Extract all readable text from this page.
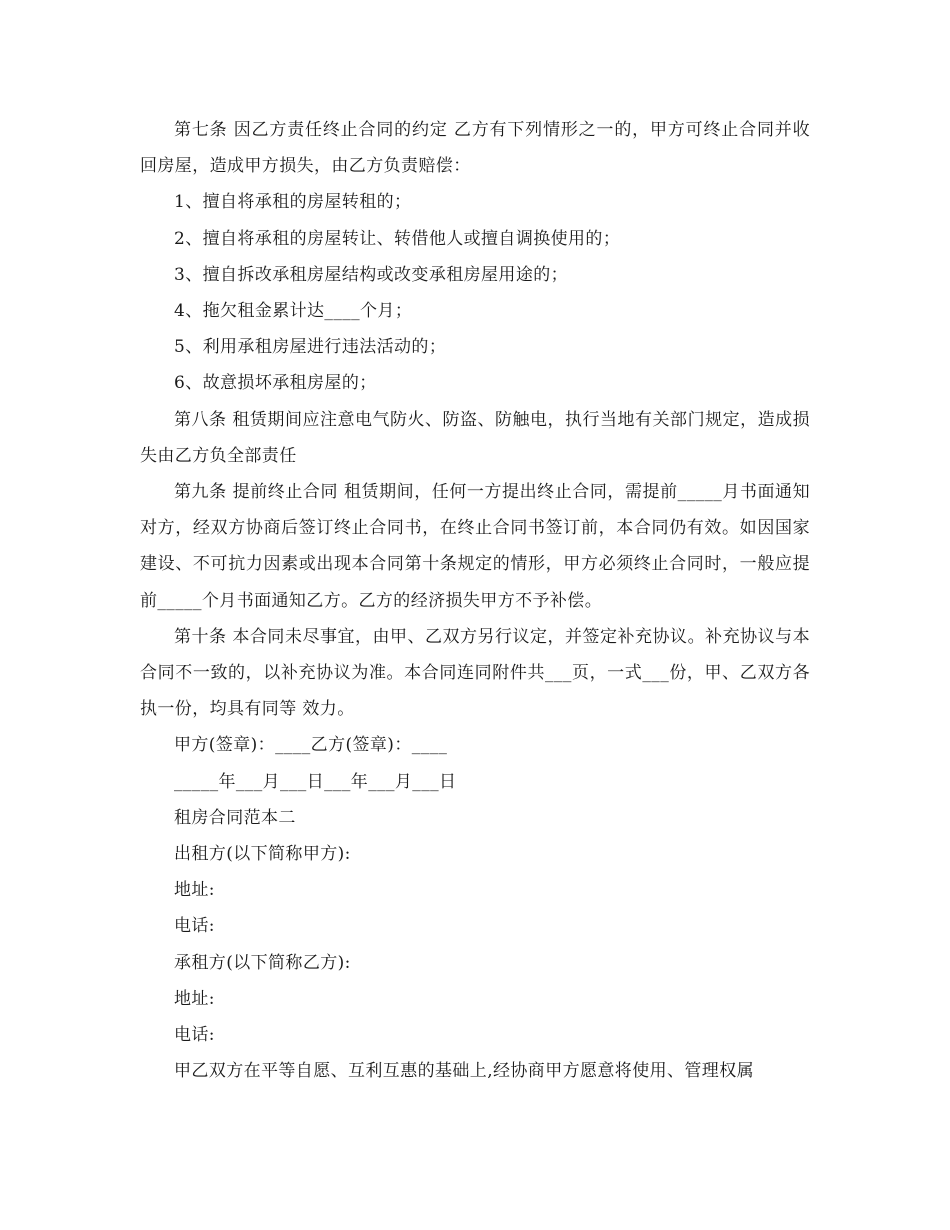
第七条 因乙方责任终止合同的约定 乙方有下列情形之一的，甲方可终止合同并收回房屋，造成甲方损失，由乙方负责赔偿：

1、擅自将承租的房屋转租的；

2、擅自将承租的房屋转让、转借他人或擅自调换使用的；

3、擅自拆改承租房屋结构或改变承租房屋用途的；

4、拖欠租金累计达____个月；

5、利用承租房屋进行违法活动的；

6、故意损坏承租房屋的；

第八条 租赁期间应注意电气防火、防盗、防触电，执行当地有关部门规定，造成损失由乙方负全部责任

第九条 提前终止合同 租赁期间，任何一方提出终止合同，需提前_____月书面通知对方，经双方协商后签订终止合同书，在终止合同书签订前，本合同仍有效。如因国家建设、不可抗力因素或出现本合同第十条规定的情形，甲方必须终止合同时，一般应提前_____个月书面通知乙方。乙方的经济损失甲方不予补偿。

第十条 本合同未尽事宜，由甲、乙双方另行议定，并签定补充协议。补充协议与本合同不一致的，以补充协议为准。本合同连同附件共___页，一式___份，甲、乙双方各执一份，均具有同等 效力。

甲方(签章)：____乙方(签章)：____

_____年___月___日___年___月___日

租房合同范本二

出租方(以下简称甲方):

地址:

电话:

承租方(以下简称乙方):

地址:

电话:

甲乙双方在平等自愿、互利互惠的基础上,经协商甲方愿意将使用、管理权属
